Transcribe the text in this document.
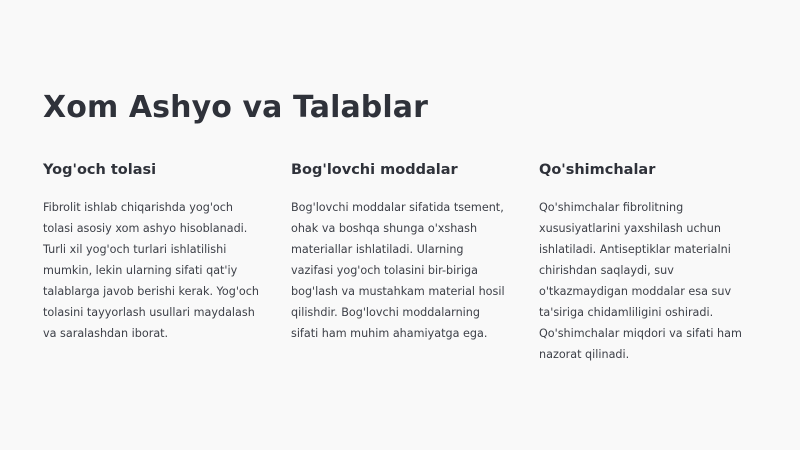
Xom Ashyo va Talablar
Yog'och tolasi

Fibrolit ishlab chiqarishda yog'och tolasi asosiy xom ashyo hisoblanadi. Turli xil yog'och turlari ishlatilishi mumkin, lekin ularning sifati qat'iy talablarga javob berishi kerak. Yog'och tolasini tayyorlash usullari maydalash va saralashdan iborat.

Bog'lovchi moddalar

Bog'lovchi moddalar sifatida tsement, ohak va boshqa shunga o'xshash materiallar ishlatiladi. Ularning vazifasi yog'och tolasini bir-biriga bog'lash va mustahkam material hosil qilishdir. Bog'lovchi moddalarning sifati ham muhim ahamiyatga ega.

Qo'shimchalar

Qo'shimchalar fibrolitning xususiyatlarini yaxshilash uchun ishlatiladi. Antiseptiklar materialni chirishdan saqlaydi, suv o'tkazmaydigan moddalar esa suv ta'siriga chidamliligini oshiradi. Qo'shimchalar miqdori va sifati ham nazorat qilinadi.
